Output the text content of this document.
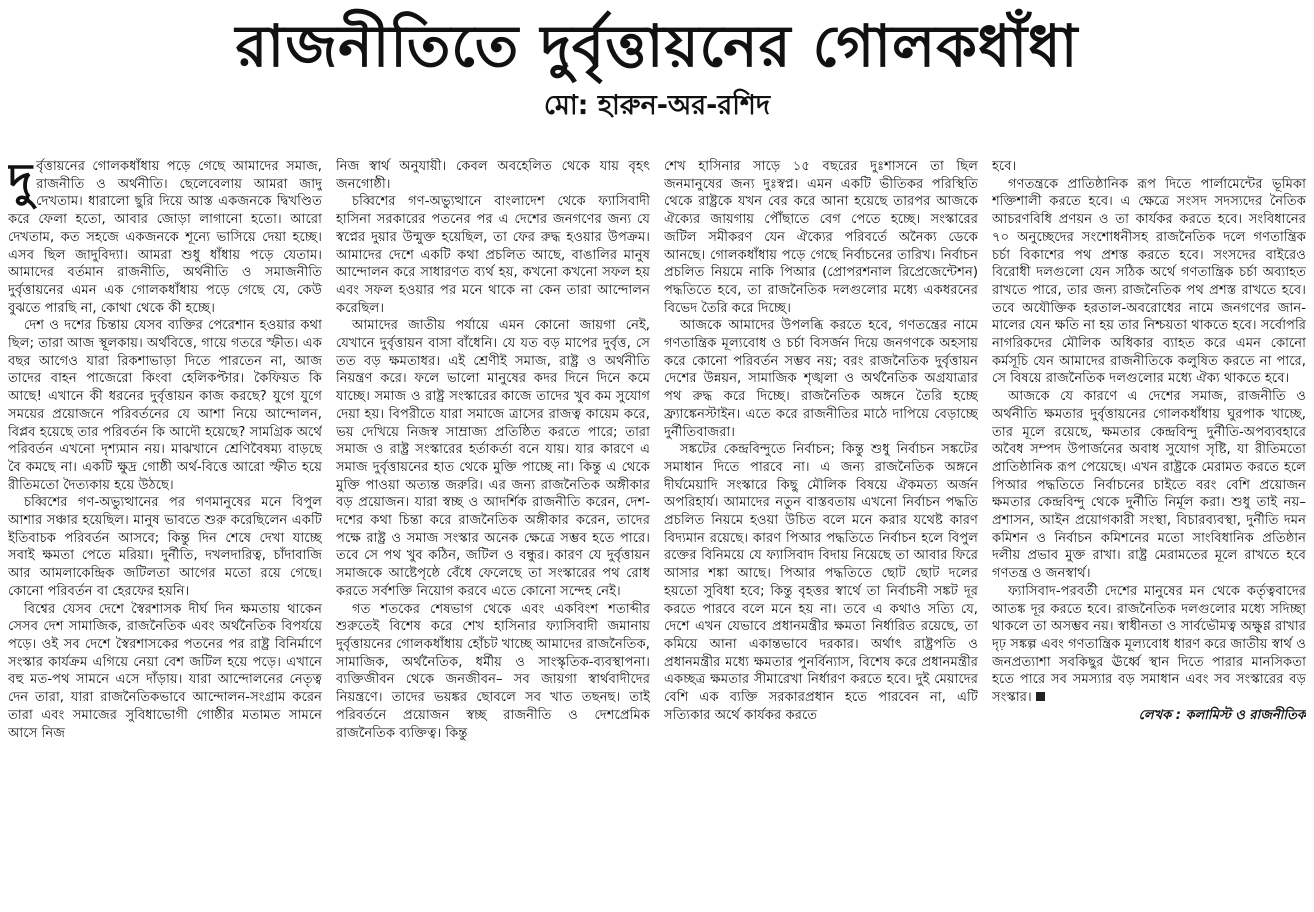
রাজনীতিতে দুর্বৃত্তায়নের গোলকধাঁধা
মো: হারুন-অর-রশিদ

দুর্বৃত্তায়নের গোলকধাঁধায় পড়ে গেছে আমাদের সমাজ, রাজনীতি ও অর্থনীতি। ছেলেবেলায় আমরা জাদু দেখতাম। ধারালো ছুরি দিয়ে আস্ত একজনকে দ্বিখণ্ডিত করে ফেলা হতো, আবার জোড়া লাগানো হতো। আরো দেখতাম, কত সহজে একজনকে শূন্যে ভাসিয়ে দেয়া হচ্ছে। এসব ছিল জাদুবিদ্যা। আমরা শুধু ধাঁধায় পড়ে যেতাম। আমাদের বর্তমান রাজনীতি, অর্থনীতি ও সমাজনীতি দুর্বৃত্তায়নের এমন এক গোলকধাঁধায় পড়ে গেছে যে, কেউ বুঝতে পারছি না, কোথা থেকে কী হচ্ছে।

দেশ ও দশের চিন্তায় যেসব ব্যক্তির পেরেশান হওয়ার কথা ছিল; তারা আজ স্থূলকায়। অর্থবিত্তে, গায়ে গতরে স্ফীত। এক বছর আগেও যারা রিকশাভাড়া দিতে পারতেন না, আজ তাদের বাহন পাজেরো কিংবা হেলিকপ্টার। কৈফিয়ত কি আছে! এখানে কী ধরনের দুর্বৃত্তায়ন কাজ করছে? যুগে যুগে সময়ের প্রয়োজনে পরিবর্তনের যে আশা নিয়ে আন্দোলন, বিপ্লব হয়েছে তার পরিবর্তন কি আদৌ হয়েছে? সামগ্রিক অর্থে পরিবর্তন এখনো দৃশ্যমান নয়। মাঝখানে শ্রেণিবৈষম্য বাড়ছে বৈ কমছে না। একটি ক্ষুদ্র গোষ্ঠী অর্থ-বিত্তে আরো স্ফীত হয়ে রীতিমতো দৈত্যকায় হয়ে উঠছে।

চব্বিশের গণ-অভ্যুত্থানের পর গণমানুষের মনে বিপুল আশার সঞ্চার হয়েছিল। মানুষ ভাবতে শুরু করেছিলেন একটি ইতিবাচক পরিবর্তন আসবে; কিন্তু দিন শেষে দেখা যাচ্ছে সবাই ক্ষমতা পেতে মরিয়া। দুর্নীতি, দখলদারিত্ব, চাঁদাবাজি আর আমলাকেন্দ্রিক জটিলতা আগের মতো রয়ে গেছে। কোনো পরিবর্তন বা হেরফের হয়নি।

বিশ্বের যেসব দেশে স্বৈরশাসক দীর্ঘ দিন ক্ষমতায় থাকেন সেসব দেশ সামাজিক, রাজনৈতিক এবং অর্থনৈতিক বিপর্যয়ে পড়ে। ওই সব দেশে স্বৈরশাসকের পতনের পর রাষ্ট্র বিনির্মাণে সংস্কার কার্যক্রম এগিয়ে নেয়া বেশ জটিল হয়ে পড়ে। এখানে বহু মত-পথ সামনে এসে দাঁড়ায়। যারা আন্দোলনের নেতৃত্ব দেন তারা, যারা রাজনৈতিকভাবে আন্দোলন-সংগ্রাম করেন তারা এবং সমাজের সুবিধাভোগী গোষ্ঠীর মতামত সামনে আসে নিজ

নিজ স্বার্থ অনুযায়ী। কেবল অবহেলিত থেকে যায় বৃহৎ জনগোষ্ঠী।

চব্বিশের গণ-অভ্যুত্থানে বাংলাদেশ থেকে ফ্যাসিবাদী হাসিনা সরকারের পতনের পর এ দেশের জনগণের জন্য যে স্বপ্নের দুয়ার উন্মুক্ত হয়েছিল, তা ফের রুদ্ধ হওয়ার উপক্রম। আমাদের দেশে একটি কথা প্রচলিত আছে, বাঙালির মানুষ আন্দোলন করে সাধারণত ব্যর্থ হয়, কখনো কখনো সফল হয় এবং সফল হওয়ার পর মনে থাকে না কেন তারা আন্দোলন করেছিল।

আমাদের জাতীয় পর্যায়ে এমন কোনো জায়গা নেই, যেখানে দুর্বৃত্তায়ন বাসা বাঁধেনি। যে যত বড় মাপের দুর্বৃত্ত, সে তত বড় ক্ষমতাধর। এই শ্রেণীই সমাজ, রাষ্ট্র ও অর্থনীতি নিয়ন্ত্রণ করে। ফলে ভালো মানুষের কদর দিনে দিনে কমে যাচ্ছে। সমাজ ও রাষ্ট্র সংস্কারের কাজে তাদের খুব কম সুযোগ দেয়া হয়। বিপরীতে যারা সমাজে ত্রাসের রাজত্ব কায়েম করে, ভয় দেখিয়ে নিজস্ব সাম্রাজ্য প্রতিষ্ঠিত করতে পারে; তারা সমাজ ও রাষ্ট্র সংস্কারের হর্তাকর্তা বনে যায়। যার কারণে এ সমাজ দুর্বৃত্তায়নের হাত থেকে মুক্তি পাচ্ছে না। কিন্তু এ থেকে মুক্তি পাওয়া অত্যন্ত জরুরি। এর জন্য রাজনৈতিক অঙ্গীকার বড় প্রয়োজন। যারা স্বচ্ছ ও আদর্শিক রাজনীতি করেন, দেশ-দশের কথা চিন্তা করে রাজনৈতিক অঙ্গীকার করেন, তাদের পক্ষে রাষ্ট্র ও সমাজ সংস্কার অনেক ক্ষেত্রে সম্ভব হতে পারে। তবে সে পথ খুব কঠিন, জটিল ও বন্ধুর। কারণ যে দুর্বৃত্তায়ন সমাজকে আষ্টেপৃষ্ঠে বেঁধে ফেলেছে তা সংস্কারের পথ রোধ করতে সর্বশক্তি নিয়োগ করবে এতে কোনো সন্দেহ নেই।

গত শতকের শেষভাগ থেকে এবং একবিংশ শতাব্দীর শুরুতেই বিশেষ করে শেখ হাসিনার ফ্যাসিবাদী জমানায় দুর্বৃত্তায়নের গোলকধাঁধায় হোঁচট খাচ্ছে আমাদের রাজনৈতিক, সামাজিক, অর্থনৈতিক, ধর্মীয় ও সাংস্কৃতিক-ব্যবস্থাপনা। ব্যক্তিজীবন থেকে জনজীবন– সব জায়গা স্বার্থবাদীদের নিয়ন্ত্রণে। তাদের ভয়ঙ্কর ছোবলে সব খাত তছনছ। তাই পরিবর্তনে প্রয়োজন স্বচ্ছ রাজনীতি ও দেশপ্রেমিক রাজনৈতিক ব্যক্তিত্ব। কিন্তু

শেখ হাসিনার সাড়ে ১৫ বছরের দুঃশাসনে তা ছিল জনমানুষের জন্য দুঃস্বপ্ন। এমন একটি ভীতিকর পরিস্থিতি থেকে রাষ্ট্রকে যখন বের করে আনা হয়েছে তারপর আজকে ঐক্যের জায়গায় পৌঁছাতে বেগ পেতে হচ্ছে। সংস্কারের জটিল সমীকরণ যেন ঐক্যের পরিবর্তে অনৈক্য ডেকে আনছে। গোলকধাঁধায় পড়ে গেছে নির্বাচনের তারিখ। নির্বাচন প্রচলিত নিয়মে নাকি পিআর (প্রোপরশনাল রিপ্রেজেন্টেশন) পদ্ধতিতে হবে, তা রাজনৈতিক দলগুলোর মধ্যে একধরনের বিভেদ তৈরি করে দিচ্ছে।

আজকে আমাদের উপলব্ধি করতে হবে, গণতন্ত্রের নামে গণতান্ত্রিক মূল্যবোধ ও চর্চা বিসর্জন দিয়ে জনগণকে অহসায় করে কোনো পরিবর্তন সম্ভব নয়; বরং রাজনৈতিক দুর্বৃত্তায়ন দেশের উন্নয়ন, সামাজিক শৃঙ্খলা ও অর্থনৈতিক অগ্রযাত্রার পথ রুদ্ধ করে দিচ্ছে। রাজনৈতিক অঙ্গনে তৈরি হচ্ছে ফ্র্যাঙ্কেনস্টাইন। এতে করে রাজনীতির মাঠে দাপিয়ে বেড়াচ্ছে দুর্নীতিবাজরা।

সঙ্কটের কেন্দ্রবিন্দুতে নির্বাচন; কিন্তু শুধু নির্বাচন সঙ্কটের সমাধান দিতে পারবে না। এ জন্য রাজনৈতিক অঙ্গনে দীর্ঘমেয়াদি সংস্কারে কিছু মৌলিক বিষয়ে ঐকমত্য অর্জন অপরিহার্য। আমাদের নতুন বাস্তবতায় এখনো নির্বাচন পদ্ধতি প্রচলিত নিয়মে হওয়া উচিত বলে মনে করার যথেষ্ট কারণ বিদ্যমান রয়েছে। কারণ পিআর পদ্ধতিতে নির্বাচন হলে বিপুল রক্তের বিনিময়ে যে ফ্যাসিবাদ বিদায় নিয়েছে তা আবার ফিরে আসার শঙ্কা আছে। পিআর পদ্ধতিতে ছোট ছোট দলের হয়তো সুবিধা হবে; কিন্তু বৃহত্তর স্বার্থে তা নির্বাচনী সঙ্কট দূর করতে পারবে বলে মনে হয় না। তবে এ কথাও সত্যি যে, দেশে এখন যেভাবে প্রধানমন্ত্রীর ক্ষমতা নির্ধারিত রয়েছে, তা কমিয়ে আনা একান্তভাবে দরকার। অর্থাৎ রাষ্ট্রপতি ও প্রধানমন্ত্রীর মধ্যে ক্ষমতার পুনর্বিন্যাস, বিশেষ করে প্রধানমন্ত্রীর একচ্ছত্র ক্ষমতার সীমারেখা নির্ধারণ করতে হবে। দুই মেয়াদের বেশি এক ব্যক্তি সরকারপ্রধান হতে পারবেন না, এটি সত্যিকার অর্থে কার্যকর করতে

হবে।

গণতন্ত্রকে প্রাতিষ্ঠানিক রূপ দিতে পার্লামেন্টের ভূমিকা শক্তিশালী করতে হবে। এ ক্ষেত্রে সংসদ সদস্যদের নৈতিক আচরণবিধি প্রণয়ন ও তা কার্যকর করতে হবে। সংবিধানের ৭০ অনুচ্ছেদের সংশোধনীসহ রাজনৈতিক দলে গণতান্ত্রিক চর্চা বিকাশের পথ প্রশস্ত করতে হবে। সংসদের বাইরেও বিরোধী দলগুলো যেন সঠিক অর্থে গণতান্ত্রিক চর্চা অব্যাহত রাখতে পারে, তার জন্য রাজনৈতিক পথ প্রশস্ত রাখতে হবে। তবে অযৌক্তিক হরতাল-অবরোধের নামে জনগণের জান-মালের যেন ক্ষতি না হয় তার নিশ্চয়তা থাকতে হবে। সর্বোপরি নাগরিকদের মৌলিক অধিকার ব্যাহত করে এমন কোনো কর্মসূচি যেন আমাদের রাজনীতিকে কলুষিত করতে না পারে, সে বিষয়ে রাজনৈতিক দলগুলোর মধ্যে ঐক্য থাকতে হবে।

আজকে যে কারণে এ দেশের সমাজ, রাজনীতি ও অর্থনীতি ক্ষমতার দুর্বৃত্তায়নের গোলকধাঁধায় ঘুরপাক খাচ্ছে, তার মূলে রয়েছে, ক্ষমতার কেন্দ্রবিন্দু দুর্নীতি-অপব্যবহারে অবৈধ সম্পদ উপার্জনের অবাধ সুযোগ সৃষ্টি, যা রীতিমতো প্রাতিষ্ঠানিক রূপ পেয়েছে। এখন রাষ্ট্রকে মেরামত করতে হলে পিআর পদ্ধতিতে নির্বাচনের চাইতে বরং বেশি প্রয়োজন ক্ষমতার কেন্দ্রবিন্দু থেকে দুর্নীতি নির্মূল করা। শুধু তাই নয়– প্রশাসন, আইন প্রয়োগকারী সংস্থা, বিচারব্যবস্থা, দুর্নীতি দমন কমিশন ও নির্বাচন কমিশনের মতো সাংবিধানিক প্রতিষ্ঠান দলীয় প্রভাব মুক্ত রাখা। রাষ্ট্র মেরামতের মূলে রাখতে হবে গণতন্ত্র ও জনস্বার্থ।

ফ্যাসিবাদ-পরবর্তী দেশের মানুষের মন থেকে কর্তৃত্ববাদের আতঙ্ক দূর করতে হবে। রাজনৈতিক দলগুলোর মধ্যে সদিচ্ছা থাকলে তা অসম্ভব নয়। স্বাধীনতা ও সার্বভৌমত্ব অক্ষুণ্ণ রাখার দৃঢ় সঙ্কল্প এবং গণতান্ত্রিক মূল্যবোধ ধারণ করে জাতীয় স্বার্থ ও জনপ্রত্যাশা সবকিছুর ঊর্ধ্বে স্থান দিতে পারার মানসিকতা হতে পারে সব সমস্যার বড় সমাধান এবং সব সংস্কারের বড় সংস্কার।

লেখক : কলামিস্ট ও রাজনীতিক
